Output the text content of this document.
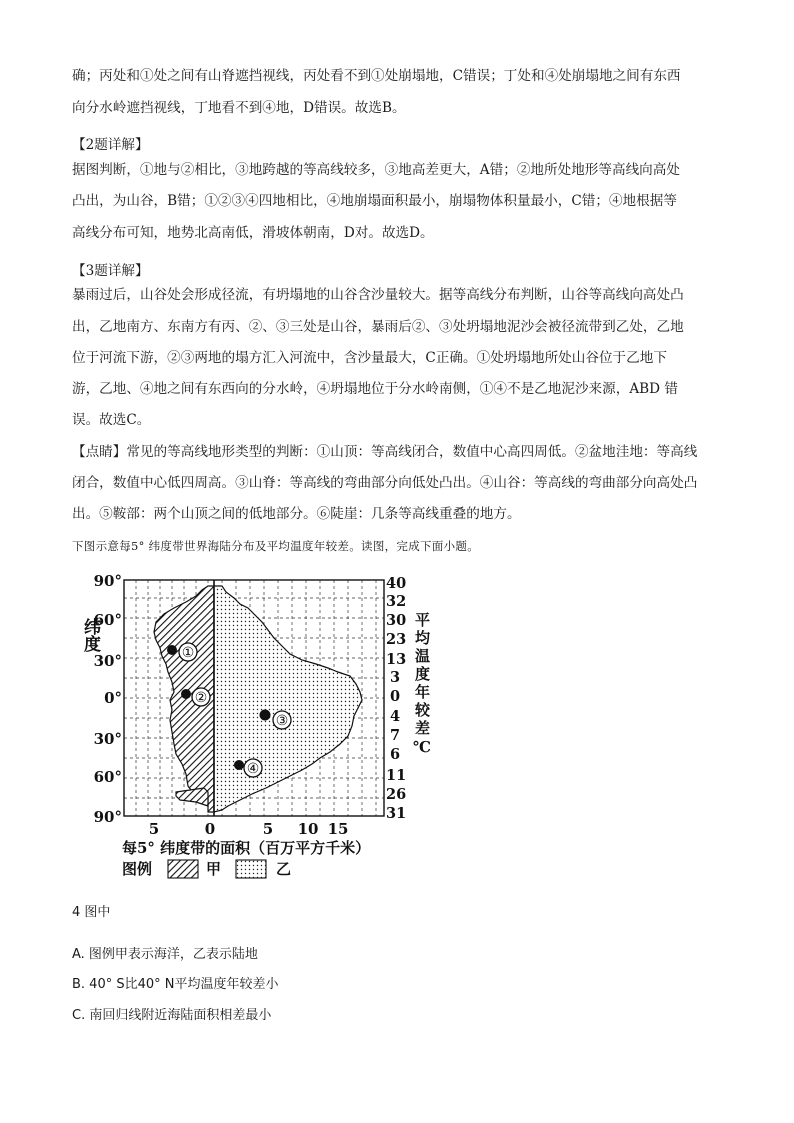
确；丙处和①处之间有山脊遮挡视线，丙处看不到①处崩塌地，C错误；丁处和④处崩塌地之间有东西
向分水岭遮挡视线，丁地看不到④地，D错误。故选B。
【2题详解】
据图判断，①地与②相比，③地跨越的等高线较多，③地高差更大，A错；②地所处地形等高线向高处
凸出，为山谷，B错；①②③④四地相比，④地崩塌面积最小，崩塌物体积量最小，C错；④地根据等
高线分布可知，地势北高南低，滑坡体朝南，D对。故选D。
【3题详解】
暴雨过后，山谷处会形成径流，有坍塌地的山谷含沙量较大。据等高线分布判断，山谷等高线向高处凸
出，乙地南方、东南方有丙、②、③三处是山谷，暴雨后②、③处坍塌地泥沙会被径流带到乙处，乙地
位于河流下游，②③两地的塌方汇入河流中，含沙量最大，C正确。①处坍塌地所处山谷位于乙地下
游，乙地、④地之间有东西向的分水岭，④坍塌地位于分水岭南侧，①④不是乙地泥沙来源，ABD 错
误。故选C。
【点睛】常见的等高线地形类型的判断：①山顶：等高线闭合，数值中心高四周低。②盆地洼地：等高线
闭合，数值中心低四周高。③山脊：等高线的弯曲部分向低处凸出。④山谷：等高线的弯曲部分向高处凸
出。⑤鞍部：两个山顶之间的低地部分。⑥陡崖：几条等高线重叠的地方。
下图示意每5° 纬度带世界海陆分布及平均温度年较差。读图，完成下面小题。
90°
60°
30°
0°
30°
60°
90°
纬度
40
32
30
23
13
3
0
4
7
6
11
26
31
平均温度年较差℃
①
②
③
④
5	0	5 10 15
每5° 纬度带的面积（百万平方千米）
图例	甲	乙
4 图中
A. 图例甲表示海洋，乙表示陆地
B. 40° S比40° N平均温度年较差小
C. 南回归线附近海陆面积相差最小
